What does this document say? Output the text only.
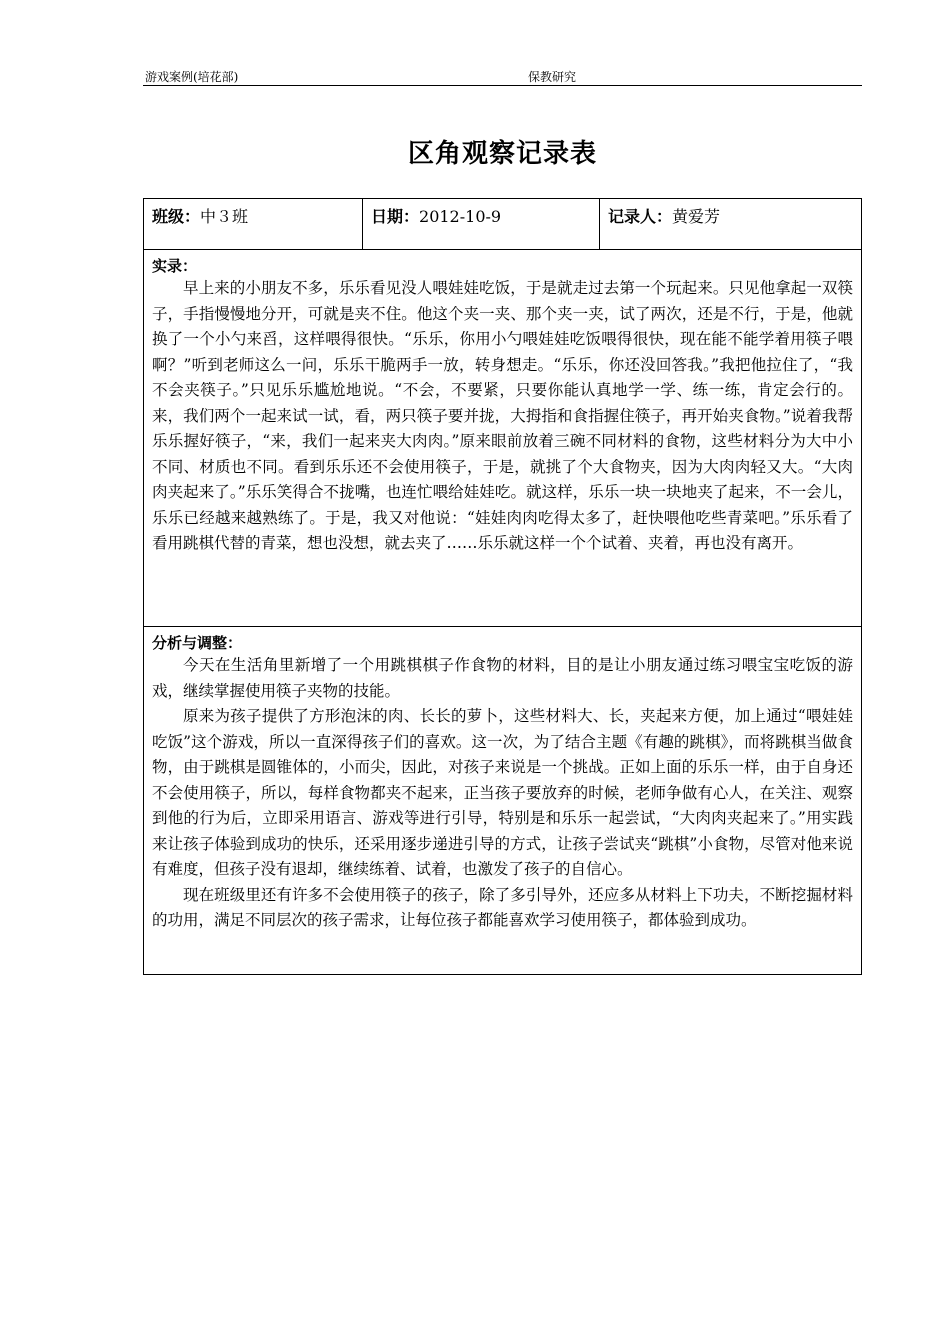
游戏案例(培花部)	保教研究
区角观察记录表
班级：中３班	日期：2012-10-9	记录人：黄爱芳
实录：

早上来的小朋友不多，乐乐看见没人喂娃娃吃饭，于是就走过去第一个玩起来。只见他拿起一双筷子，手指慢慢地分开，可就是夹不住。他这个夹一夹、那个夹一夹，试了两次，还是不行，于是，他就换了一个小勺来舀，这样喂得很快。“乐乐，你用小勺喂娃娃吃饭喂得很快，现在能不能学着用筷子喂啊？”听到老师这么一问，乐乐干脆两手一放，转身想走。“乐乐，你还没回答我。”我把他拉住了，“我不会夹筷子。”只见乐乐尴尬地说。“不会，不要紧，只要你能认真地学一学、练一练，肯定会行的。来，我们两个一起来试一试，看，两只筷子要并拢，大拇指和食指握住筷子，再开始夹食物。”说着我帮乐乐握好筷子，“来，我们一起来夹大肉肉。”原来眼前放着三碗不同材料的食物，这些材料分为大中小不同、材质也不同。看到乐乐还不会使用筷子，于是，就挑了个大食物夹，因为大肉肉轻又大。“大肉肉夹起来了。”乐乐笑得合不拢嘴，也连忙喂给娃娃吃。就这样，乐乐一块一块地夹了起来，不一会儿，乐乐已经越来越熟练了。于是，我又对他说：“娃娃肉肉吃得太多了，赶快喂他吃些青菜吧。”乐乐看了看用跳棋代替的青菜，想也没想，就去夹了……乐乐就这样一个个试着、夹着，再也没有离开。

分析与调整：

今天在生活角里新增了一个用跳棋棋子作食物的材料，目的是让小朋友通过练习喂宝宝吃饭的游戏，继续掌握使用筷子夹物的技能。

原来为孩子提供了方形泡沫的肉、长长的萝卜，这些材料大、长，夹起来方便，加上通过“喂娃娃吃饭”这个游戏，所以一直深得孩子们的喜欢。这一次，为了结合主题《有趣的跳棋》，而将跳棋当做食物，由于跳棋是圆锥体的，小而尖，因此，对孩子来说是一个挑战。正如上面的乐乐一样，由于自身还不会使用筷子，所以，每样食物都夹不起来，正当孩子要放弃的时候，老师争做有心人，在关注、观察到他的行为后，立即采用语言、游戏等进行引导，特别是和乐乐一起尝试，“大肉肉夹起来了。”用实践来让孩子体验到成功的快乐，还采用逐步递进引导的方式，让孩子尝试夹“跳棋”小食物，尽管对他来说有难度，但孩子没有退却，继续练着、试着，也激发了孩子的自信心。

现在班级里还有许多不会使用筷子的孩子，除了多引导外，还应多从材料上下功夫，不断挖掘材料的功用，满足不同层次的孩子需求，让每位孩子都能喜欢学习使用筷子，都体验到成功。
